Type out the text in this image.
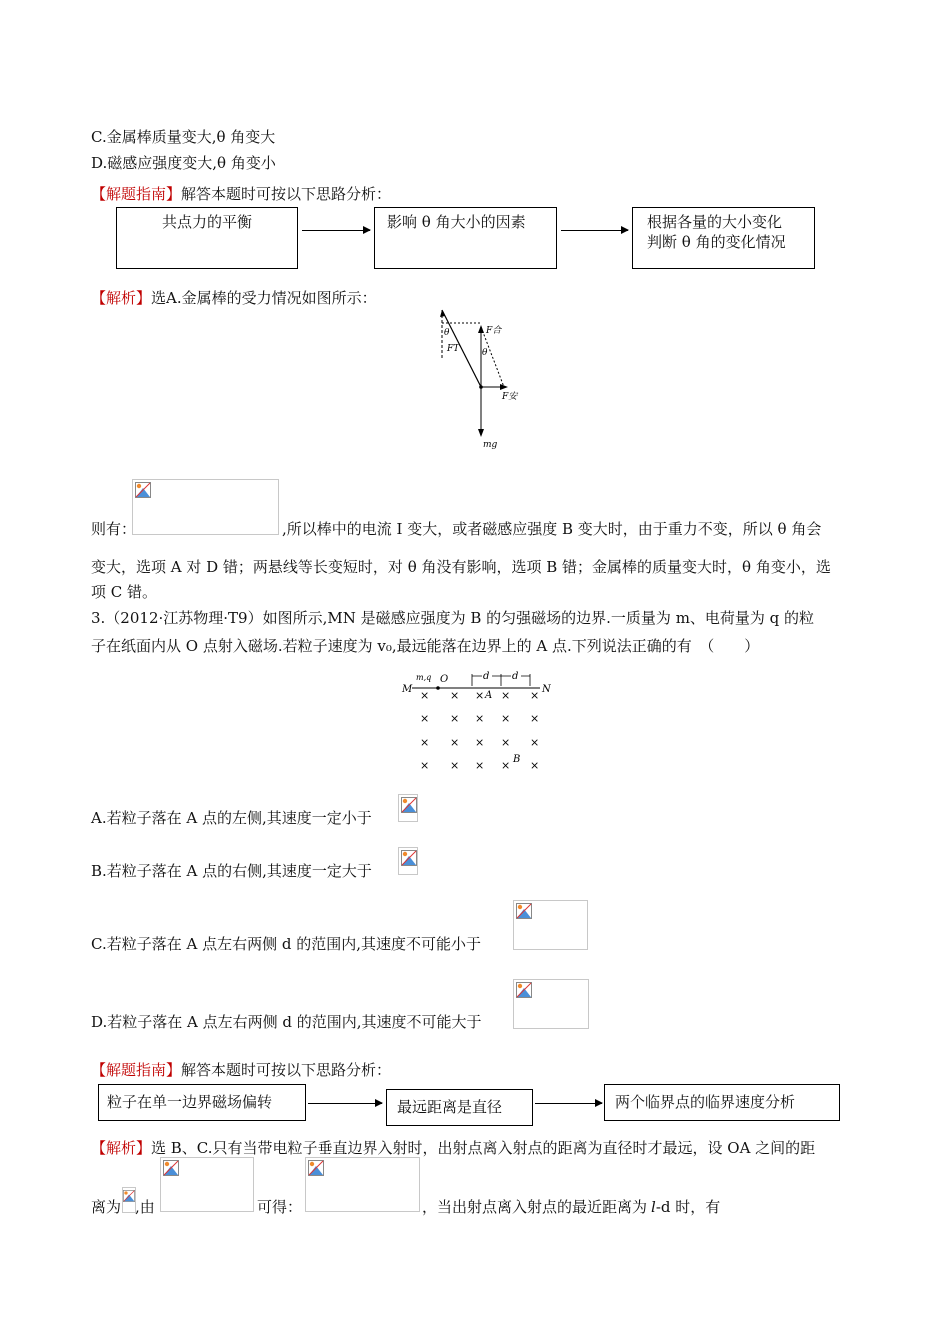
C.金属棒质量变大,θ 角变大
D.磁感应强度变大,θ 角变小
【解题指南】解答本题时可按以下思路分析：
共点力的平衡	影响 θ 角大小的因素	根据各量的大小变化
判断 θ 角的变化情况
【解析】选A.金属棒的受力情况如图所示：
θ	F合
θ
FT
F安
mg
则有：	,所以棒中的电流 I 变大，或者磁感应强度 B 变大时，由于重力不变，所以 θ 角会
变大，选项 A 对 D 错；两悬线等长变短时，对 θ 角没有影响，选项 B 错；金属棒的质量变大时，θ 角变小，选
项 C 错。
3.（2012·江苏物理·T9）如图所示,MN 是磁感应强度为 B 的匀强磁场的边界.一质量为 m、电荷量为 q 的粒
子在纸面内从 O 点射入磁场.若粒子速度为 v₀,最远能落在边界上的 A 点.下列说法正确的有　（　　）
M	N
m,q O	d d
A
B
× × × × ×
× × × × ×
× × × × ×
× × × × ×
A.若粒子落在 A 点的左侧,其速度一定小于
B.若粒子落在 A 点的右侧,其速度一定大于
C.若粒子落在 A 点左右两侧 d 的范围内,其速度不可能小于
D.若粒子落在 A 点左右两侧 d 的范围内,其速度不可能大于
【解题指南】解答本题时可按以下思路分析：
粒子在单一边界磁场偏转	最远距离是直径	两个临界点的临界速度分析
【解析】选 B、C.只有当带电粒子垂直边界入射时，出射点离入射点的距离为直径时才最远，设 OA 之间的距
离为 ,由	可得：	，当出射点离入射点的最近距离为 l-d 时，有
